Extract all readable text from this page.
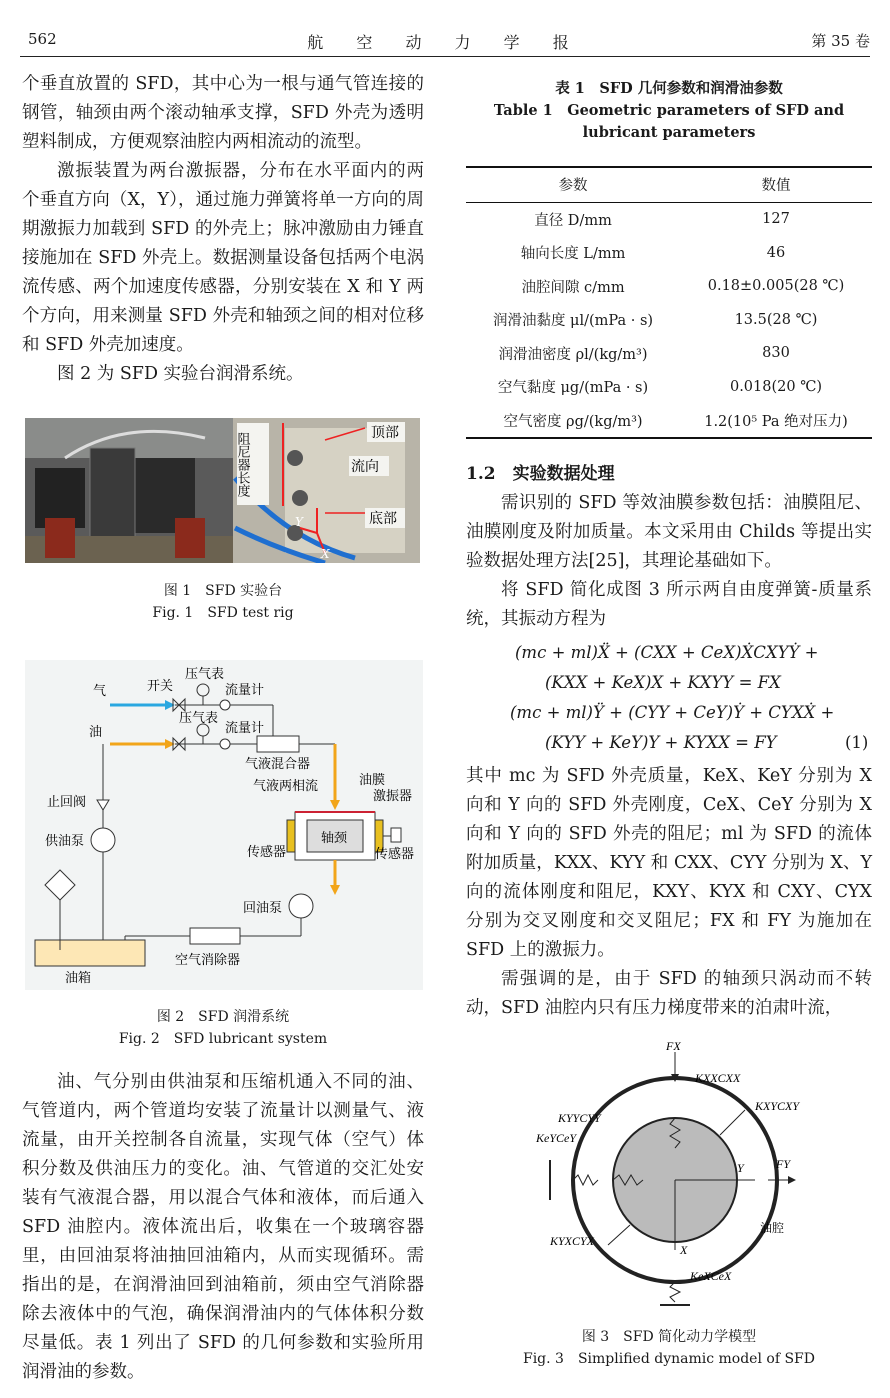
562	航 空 动 力 学 报	第 35 卷

个垂直放置的 SFD，其中心为一根与通气管连接的钢管，轴颈由两个滚动轴承支撑，SFD 外壳为透明塑料制成，方便观察油腔内两相流动的流型。

激振装置为两台激振器，分布在水平面内的两个垂直方向（X，Y），通过施力弹簧将单一方向的周期激振力加载到 SFD 的外壳上；脉冲激励由力锤直接施加在 SFD 外壳上。数据测量设备包括两个电涡流传感、两个加速度传感器，分别安装在 X 和 Y 两个方向，用来测量 SFD 外壳和轴颈之间的相对位移和 SFD 外壳加速度。

图 2 为 SFD 实验台润滑系统。

顶部
流向
底部
阻尼器长度
Y
X
图 1　SFD 实验台
Fig. 1　SFD test rig
气	开关
压气表
流量计
油
压气表
流量计
气液混合器
气液两相流	油膜
激振器
止回阀
供油泵
传感器
轴颈
传感器
回油泵
空气消除器
油箱
图 2　SFD 润滑系统
Fig. 2　SFD lubricant system

油、气分别由供油泵和压缩机通入不同的油、气管道内，两个管道均安装了流量计以测量气、液流量，由开关控制各自流量，实现气体（空气）体积分数及供油压力的变化。油、气管道的交汇处安装有气液混合器，用以混合气体和液体，而后通入 SFD 油腔内。液体流出后，收集在一个玻璃容器里，由回油泵将油抽回油箱内，从而实现循环。需指出的是，在润滑油回到油箱前，须由空气消除器除去液体中的气泡，确保润滑油内的气体体积分数尽量低。表 1 列出了 SFD 的几何参数和实验所用润滑油的参数。

表 1　SFD 几何参数和润滑油参数
Table 1　Geometric parameters of SFD and
lubricant parameters
参数	数值
直径 D/mm	127
轴向长度 L/mm	46
油腔间隙 c/mm	0.18±0.005(28 ℃)
润滑油黏度 μl/(mPa · s)	13.5(28 ℃)
润滑油密度 ρl/(kg/m³)	830
空气黏度 μg/(mPa · s)	0.018(20 ℃)
空气密度 ρg/(kg/m³)	1.2(10⁵ Pa 绝对压力)

1.2　实验数据处理

需识别的 SFD 等效油膜参数包括：油膜阻尼、油膜刚度及附加质量。本文采用由 Childs 等提出实验数据处理方法[25]，其理论基础如下。

将 SFD 简化成图 3 所示两自由度弹簧-质量系统，其振动方程为

(mc + ml)Ẍ + (CXX + CeX)ẊCXYẎ +
(KXX + KeX)X + KXYY = FX
(mc + ml)Ÿ + (CYY + CeY)Ẏ + CYXẊ +
(KYY + KeY)Y + KYXX = FY	(1)

其中 mc 为 SFD 外壳质量，KeX、KeY 分别为 X 向和 Y 向的 SFD 外壳刚度，CeX、CeY 分别为 X 向和 Y 向的 SFD 外壳的阻尼；ml 为 SFD 的流体附加质量，KXX、KYY 和 CXX、CYY 分别为 X、Y 向的流体刚度和阻尼，KXY、KYX 和 CXY、CYX 分别为交叉刚度和交叉阻尼；FX 和 FY 为施加在 SFD 上的激振力。

需强调的是，由于 SFD 的轴颈只涡动而不转动，SFD 油腔内只有压力梯度带来的泊肃叶流，

FX
KXXCXX
KXYCXY
KYYCYY
KeYCeY
Y	FY
油腔
KYXCYX
X
KeXCeX
图 3　SFD 简化动力学模型
Fig. 3　Simplified dynamic model of SFD
